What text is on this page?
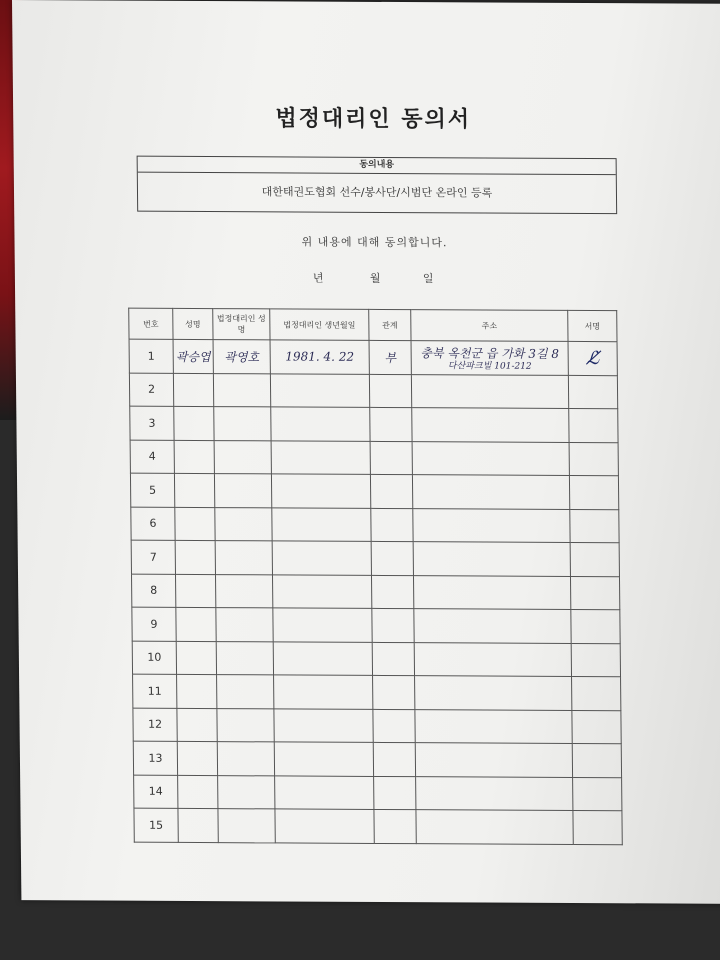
법정대리인 동의서
동의내용
대한태권도협회 선수/봉사단/시범단 온라인 등록
위 내용에 대해 동의합니다.
년	월	일
번호	성명	법정대리인 성명	법정대리인 생년월일	관계	주소	서명
1	곽승엽	곽영호	1981. 4. 22	부	충북 옥천군 읍 가화 3길 8
다산파크빌 101-212	ℒ̸
2						
3						
4						
5						
6						
7						
8						
9						
10						
11						
12						
13						
14						
15						
